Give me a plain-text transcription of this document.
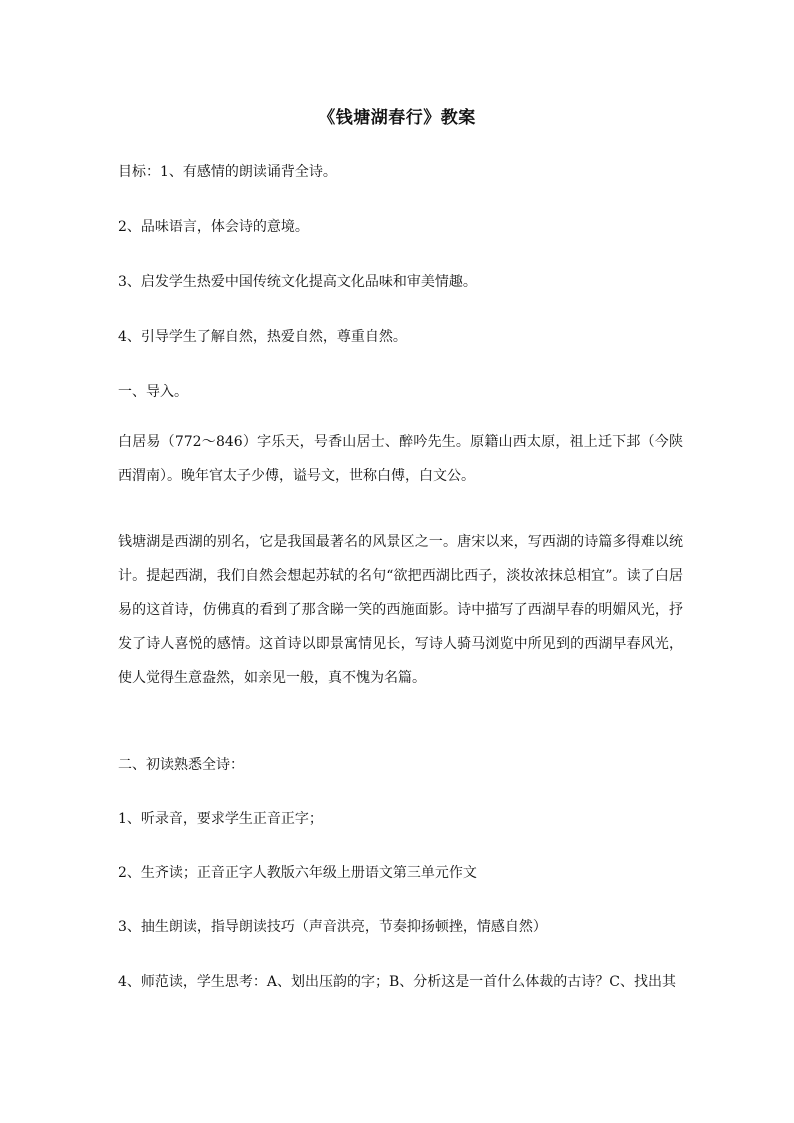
《钱塘湖春行》教案
目标：1、有感情的朗读诵背全诗。
2、品味语言，体会诗的意境。
3、启发学生热爱中国传统文化提高文化品味和审美情趣。
4、引导学生了解自然，热爱自然，尊重自然。
一、导入。
白居易（772～846）字乐天，号香山居士、醉吟先生。原籍山西太原，祖上迁下邽（今陕西渭南）。晚年官太子少傅，谥号文，世称白傅，白文公。
钱塘湖是西湖的别名，它是我国最著名的风景区之一。唐宋以来，写西湖的诗篇多得难以统计。提起西湖，我们自然会想起苏轼的名句“欲把西湖比西子，淡妆浓抹总相宜”。读了白居易的这首诗，仿佛真的看到了那含睇一笑的西施面影。诗中描写了西湖早春的明媚风光，抒发了诗人喜悦的感情。这首诗以即景寓情见长，写诗人骑马浏览中所见到的西湖早春风光，使人觉得生意盎然，如亲见一般，真不愧为名篇。
二、初读熟悉全诗：
1、听录音，要求学生正音正字；
2、生齐读；正音正字人教版六年级上册语文第三单元作文
3、抽生朗读，指导朗读技巧（声音洪亮，节奏抑扬顿挫，情感自然）
4、师范读，学生思考：A、划出压韵的字；B、分析这是一首什么体裁的古诗？C、找出其
